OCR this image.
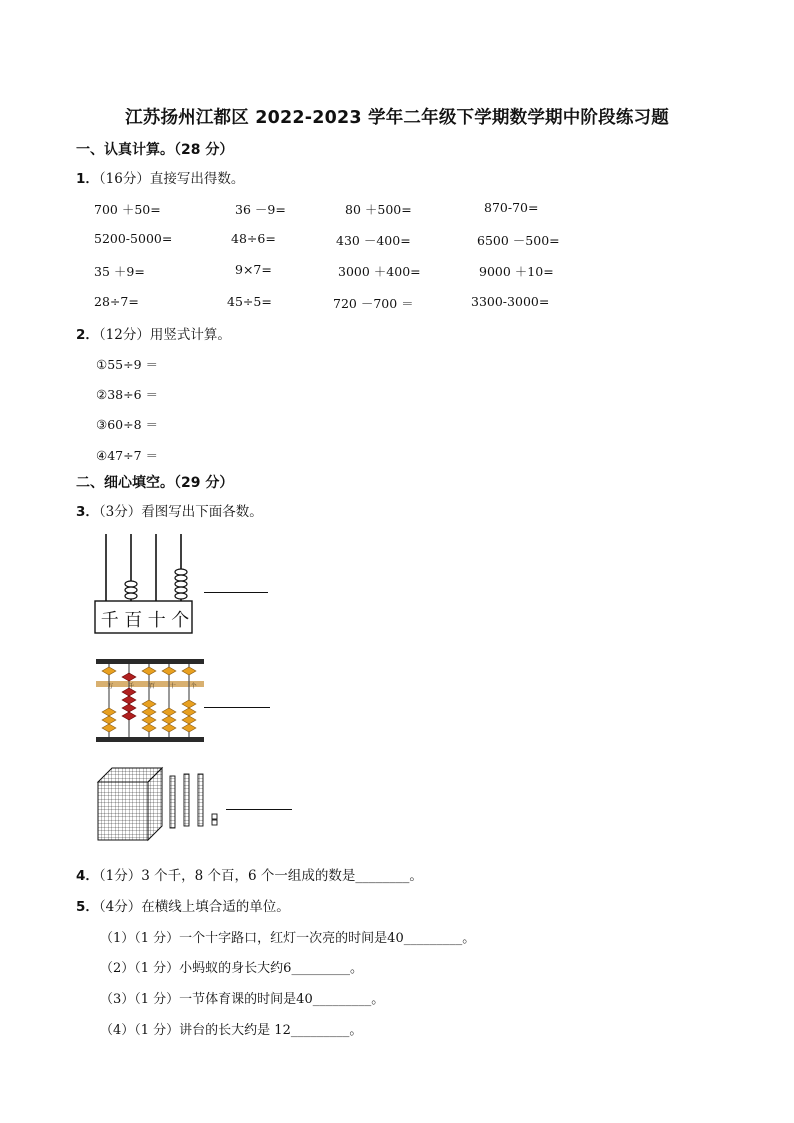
江苏扬州江都区 2022-2023 学年二年级下学期数学期中阶段练习题
一、认真计算。（28 分）
1．（16分）直接写出得数。
700 ＋50=	36 －9=	80 ＋500=	870-70=
5200-5000=	48÷6=	430 －400=	6500 －500=
35 ＋9=	9×7=	3000 ＋400=	9000 ＋10=
28÷7=	45÷5=	720 －700 ＝	3300-3000=
2．（12分）用竖式计算。
①55÷9 ＝
②38÷6 ＝
③60÷8 ＝
④47÷7 ＝
二、细心填空。（29 分）
3．（3分）看图写出下面各数。
千 百 十 个
万 千 百 十 个
4．（1分）3 个千，8 个百，6 个一组成的数是________。
5．（4分）在横线上填合适的单位。
（1）（1 分）一个十字路口，红灯一次亮的时间是40_________。
（2）（1 分）小蚂蚁的身长大约6_________。
（3）（1 分）一节体育课的时间是40_________。
（4）（1 分）讲台的长大约是 12_________。
